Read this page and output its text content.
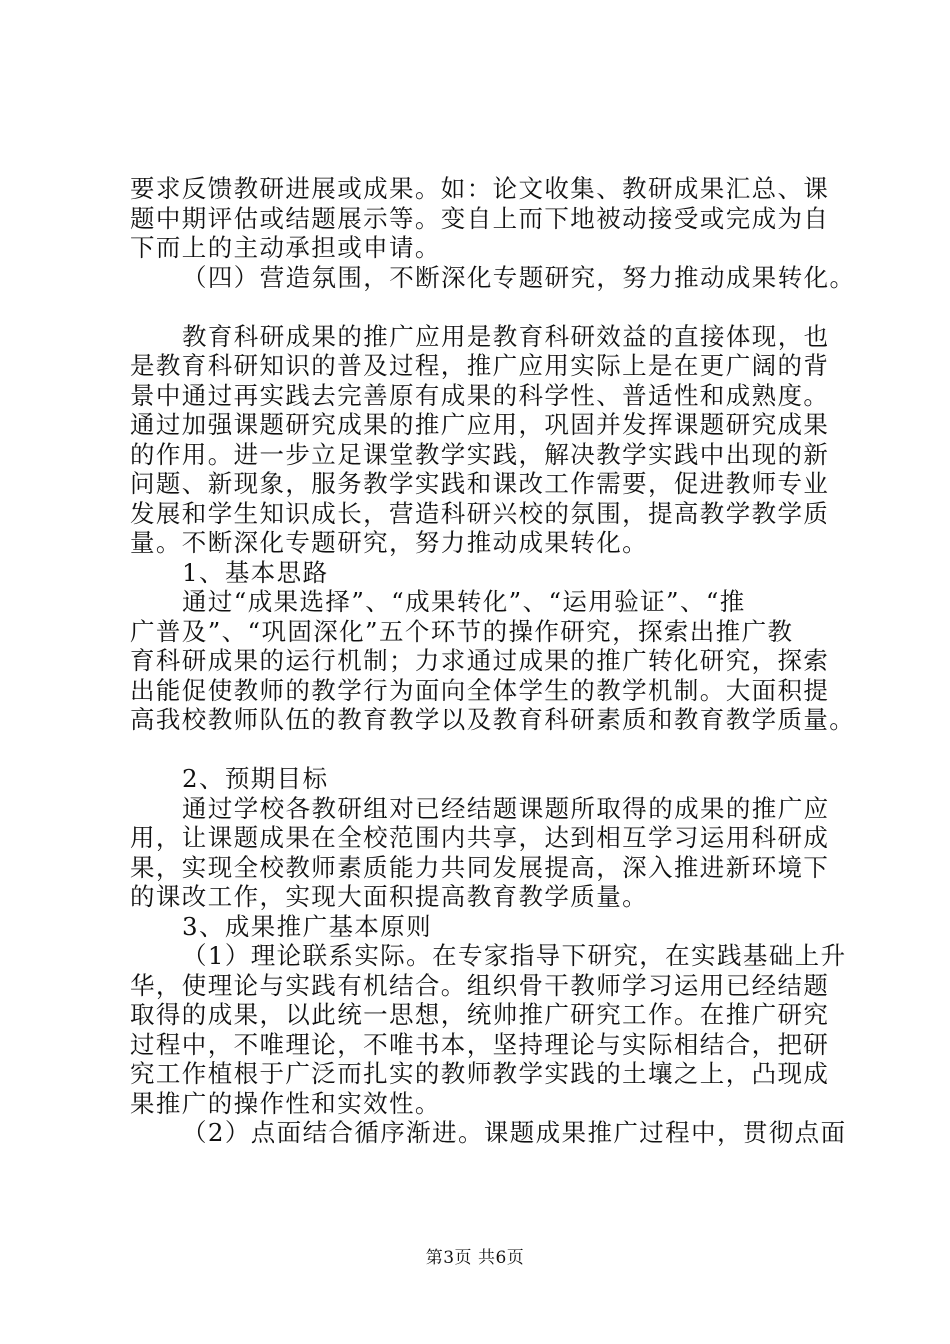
要求反馈教研进展或成果。如：论文收集、教研成果汇总、课
题中期评估或结题展示等。变自上而下地被动接受或完成为自
下而上的主动承担或申请。
（四）营造氛围，不断深化专题研究，努力推动成果转化。
教育科研成果的推广应用是教育科研效益的直接体现，也
是教育科研知识的普及过程，推广应用实际上是在更广阔的背
景中通过再实践去完善原有成果的科学性、普适性和成熟度。
通过加强课题研究成果的推广应用，巩固并发挥课题研究成果
的作用。进一步立足课堂教学实践，解决教学实践中出现的新
问题、新现象，服务教学实践和课改工作需要，促进教师专业
发展和学生知识成长，营造科研兴校的氛围，提高教学教学质
量。不断深化专题研究，努力推动成果转化。
1、基本思路
通过“成果选择”、“成果转化”、“运用验证”、“推
广普及”、“巩固深化”五个环节的操作研究，探索出推广教
育科研成果的运行机制；力求通过成果的推广转化研究，探索
出能促使教师的教学行为面向全体学生的教学机制。大面积提
高我校教师队伍的教育教学以及教育科研素质和教育教学质量。
2、预期目标
通过学校各教研组对已经结题课题所取得的成果的推广应
用，让课题成果在全校范围内共享，达到相互学习运用科研成
果，实现全校教师素质能力共同发展提高，深入推进新环境下
的课改工作，实现大面积提高教育教学质量。
3、成果推广基本原则
（1）理论联系实际。在专家指导下研究，在实践基础上升
华，使理论与实践有机结合。组织骨干教师学习运用已经结题
取得的成果，以此统一思想，统帅推广研究工作。在推广研究
过程中，不唯理论，不唯书本，坚持理论与实际相结合，把研
究工作植根于广泛而扎实的教师教学实践的土壤之上，凸现成
果推广的操作性和实效性。
（2）点面结合循序渐进。课题成果推广过程中，贯彻点面
第3页 共6页
